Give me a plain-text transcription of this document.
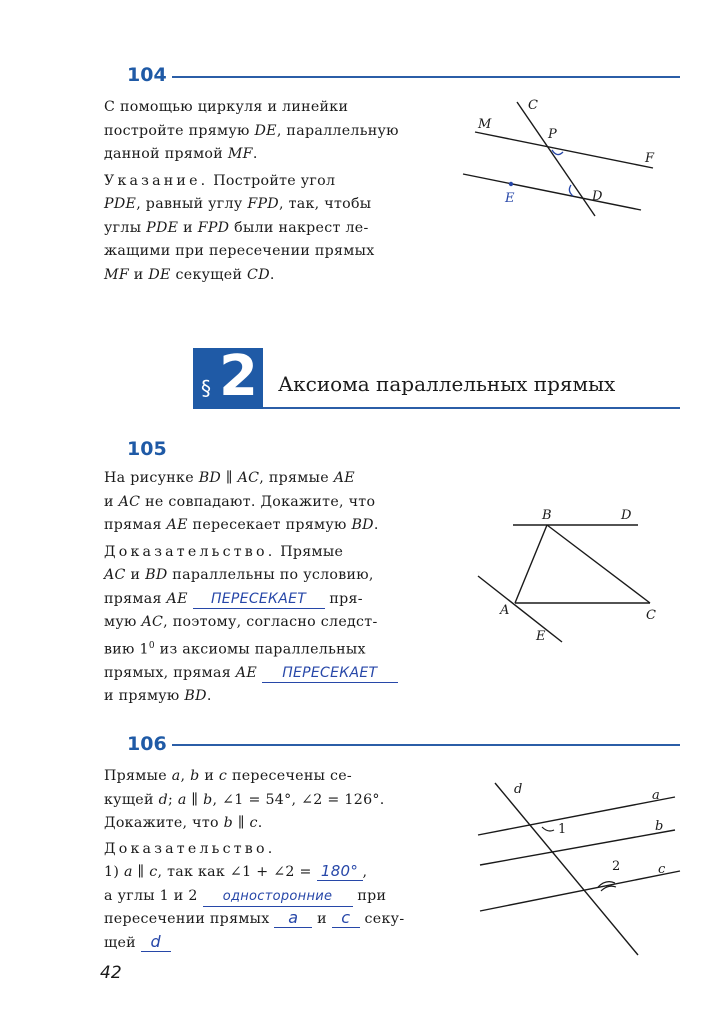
104

С помощью циркуля и линейки

постройте прямую DE, параллельную

данной прямой MF.

Указание. Постройте угол

PDE, равный углу FPD, так, чтобы

углы PDE и FPD были накрест ле-

жащими при пересечении прямых

MF и DE секущей CD.

M
C
P
F
D
E
§ 2 Аксиома параллельных прямых
105

На рисунке BD ∥ AC, прямые AE

и AC не совпадают. Докажите, что

прямая AE пересекает прямую BD.

Доказательство. Прямые

AC и BD параллельны по условию,

прямая AE ПЕРЕСЕКАЕТ пря-

мую AC, поэтому, согласно следст-

вию $1^0$ из аксиомы параллельных

прямых, прямая AE ПЕРЕСЕКАЕТ

и прямую BD.

B	D
A	C
E
106

Прямые a, b и c пересечены се-

кущей d; a ∥ b, ∠1 = 54°, ∠2 = 126°.

Докажите, что b ∥ c.

Доказательство.

1) a ∥ c, так как ∠1 + ∠2 = 180° ,

а углы 1 и 2 односторонние при

пересечении прямых a и c секу-

щей d

d	a
b
c
1
2
42
